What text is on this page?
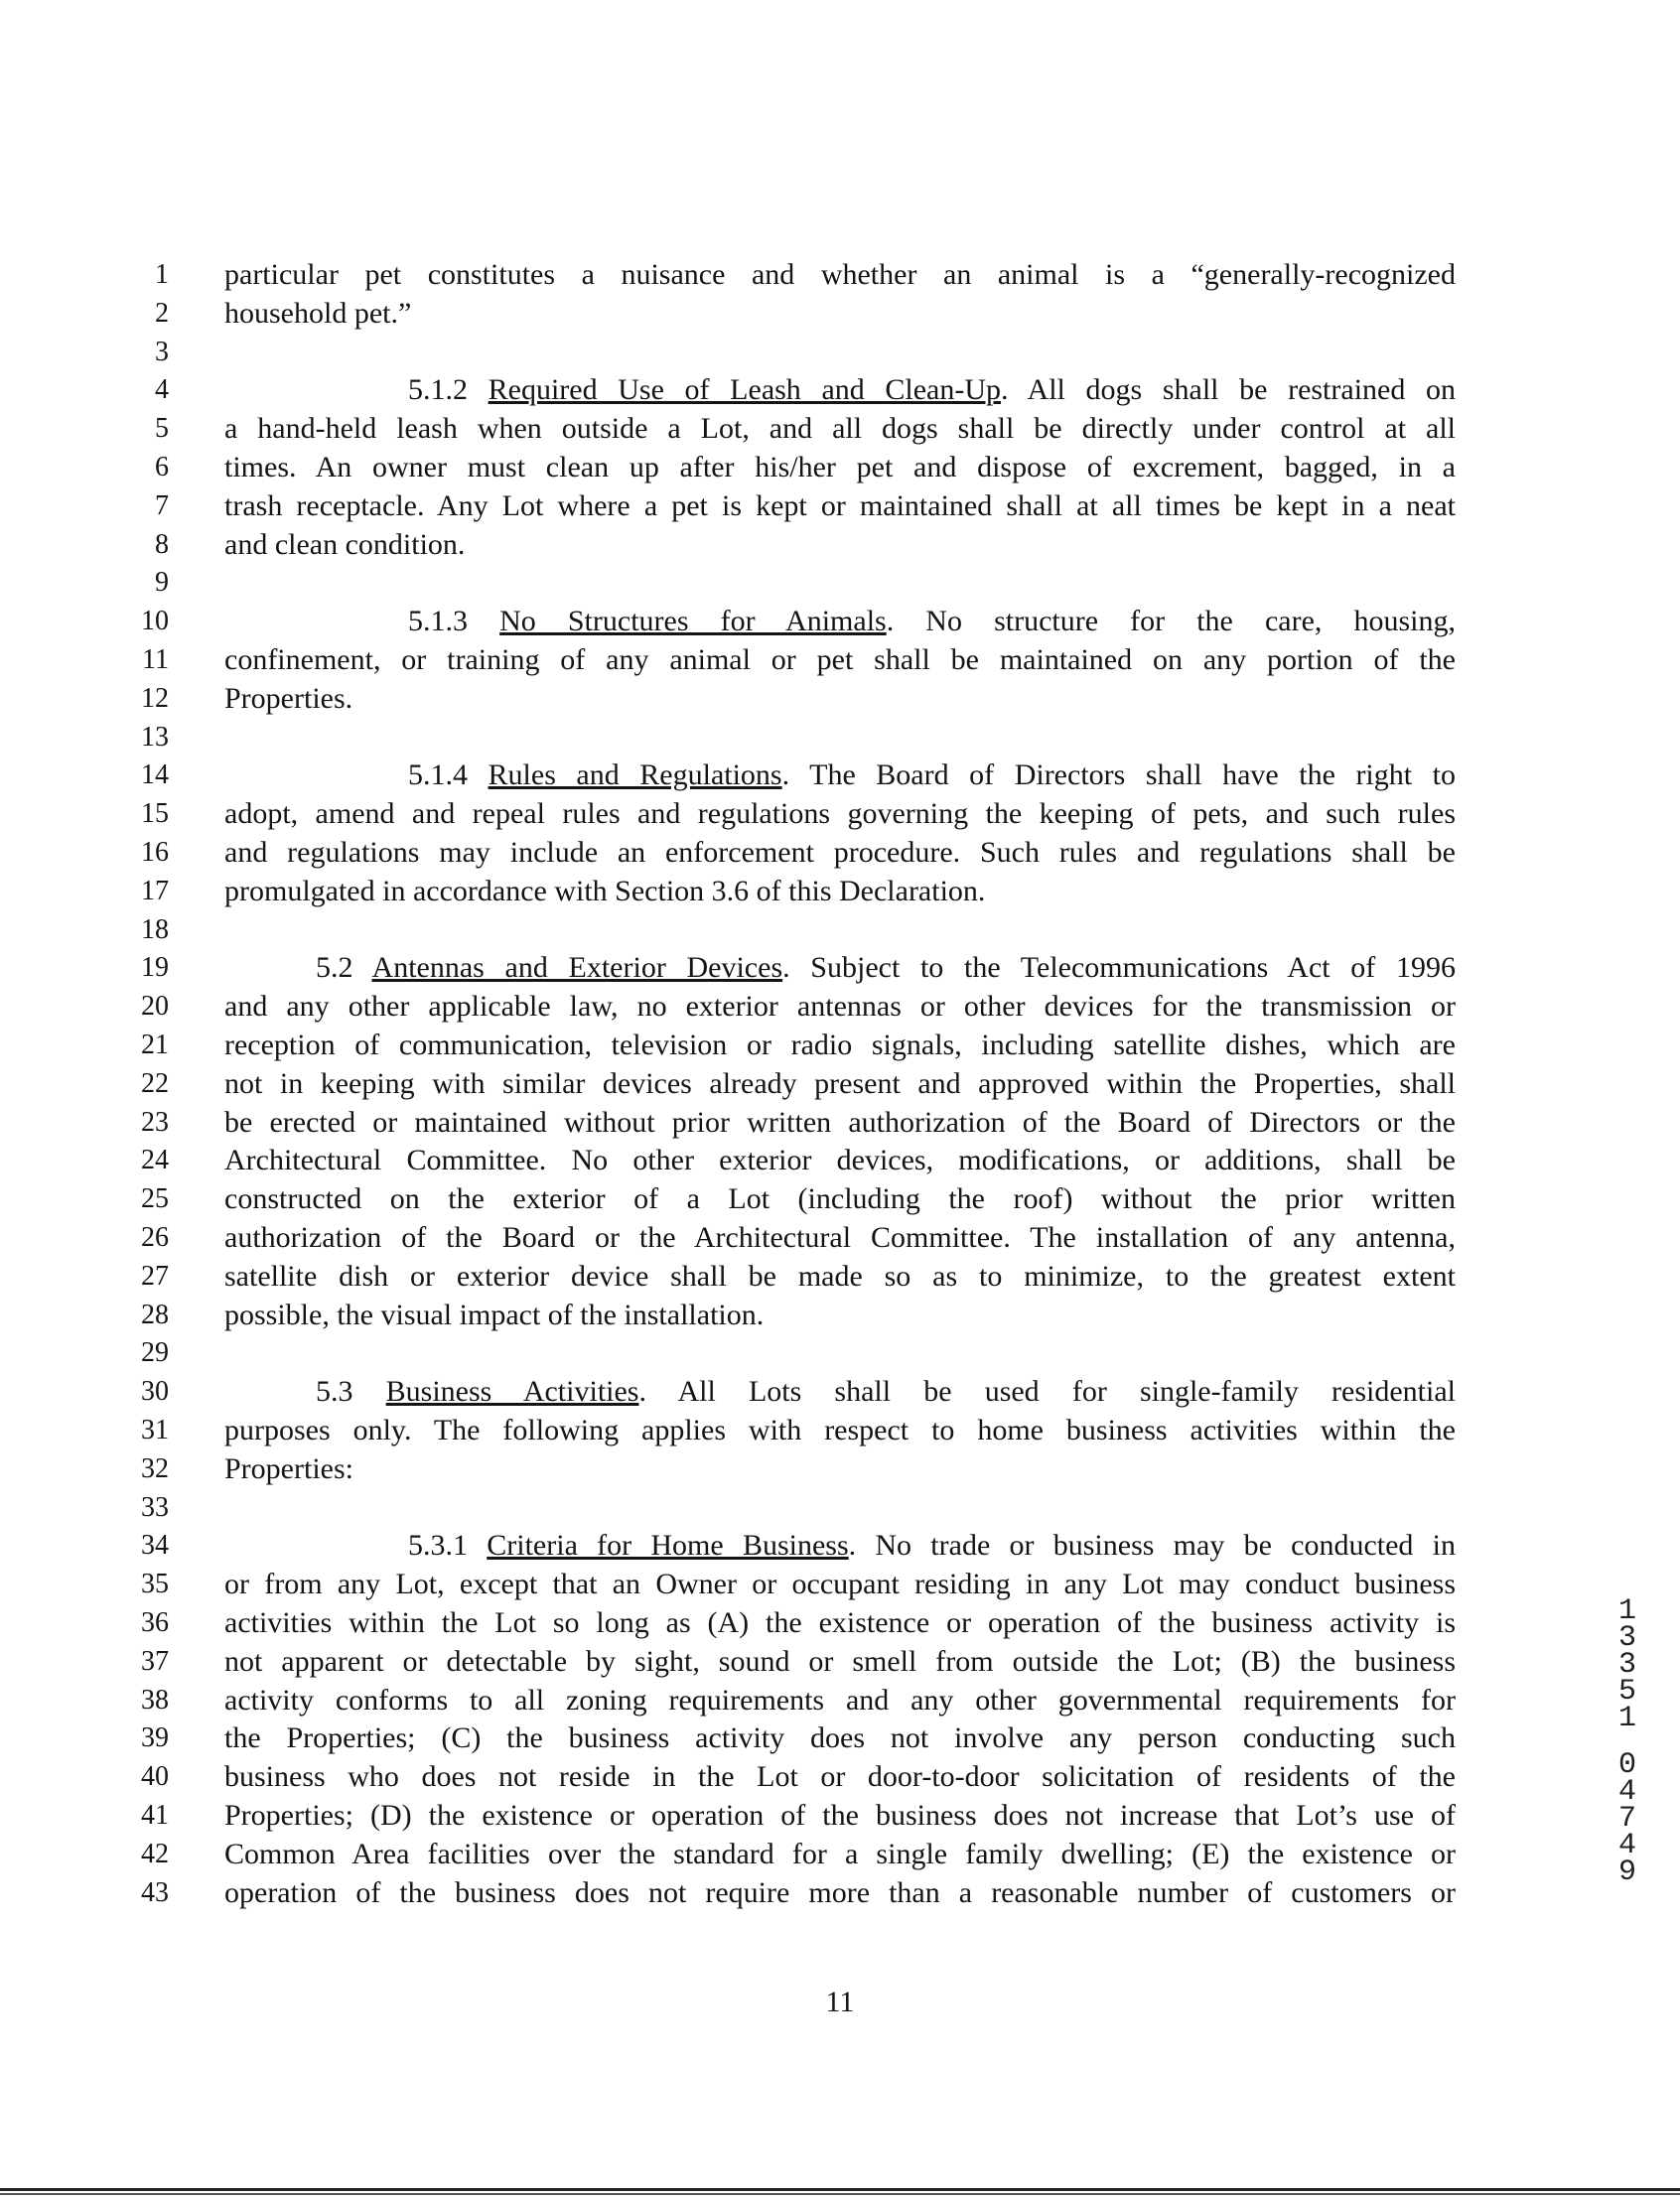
1 particular pet constitutes a nuisance and whether an animal is a “generally-recognized
2 household pet.”
3
4	5.1.2 Required Use of Leash and Clean-Up. All dogs shall be restrained on
5 a hand-held leash when outside a Lot, and all dogs shall be directly under control at all
6 times. An owner must clean up after his/her pet and dispose of excrement, bagged, in a
7 trash receptacle. Any Lot where a pet is kept or maintained shall at all times be kept in a neat
8 and clean condition.
9
10	5.1.3 No Structures for Animals. No structure for the care, housing,
11 confinement, or training of any animal or pet shall be maintained on any portion of the
12 Properties.
13
14	5.1.4 Rules and Regulations. The Board of Directors shall have the right to
15 adopt, amend and repeal rules and regulations governing the keeping of pets, and such rules
16 and regulations may include an enforcement procedure. Such rules and regulations shall be
17 promulgated in accordance with Section 3.6 of this Declaration.
18
19	5.2 Antennas and Exterior Devices. Subject to the Telecommunications Act of 1996
20 and any other applicable law, no exterior antennas or other devices for the transmission or
21 reception of communication, television or radio signals, including satellite dishes, which are
22 not in keeping with similar devices already present and approved within the Properties, shall
23 be erected or maintained without prior written authorization of the Board of Directors or the
24 Architectural Committee. No other exterior devices, modifications, or additions, shall be
25 constructed on the exterior of a Lot (including the roof) without the prior written
26 authorization of the Board or the Architectural Committee. The installation of any antenna,
27 satellite dish or exterior device shall be made so as to minimize, to the greatest extent
28 possible, the visual impact of the installation.
29
30	5.3 Business Activities. All Lots shall be used for single-family residential
31 purposes only. The following applies with respect to home business activities within the
32 Properties:
33
34	5.3.1 Criteria for Home Business. No trade or business may be conducted in
35 or from any Lot, except that an Owner or occupant residing in any Lot may conduct business
36 activities within the Lot so long as (A) the existence or operation of the business activity is
37 not apparent or detectable by sight, sound or smell from outside the Lot; (B) the business
38 activity conforms to all zoning requirements and any other governmental requirements for
39 the Properties; (C) the business activity does not involve any person conducting such
40 business who does not reside in the Lot or door-to-door solicitation of residents of the
41 Properties; (D) the existence or operation of the business does not increase that Lot’s use of
42 Common Area facilities over the standard for a single family dwelling; (E) the existence or
43 operation of the business does not require more than a reasonable number of customers or
11
1
3
3
5
1
0
4
7
4
9
